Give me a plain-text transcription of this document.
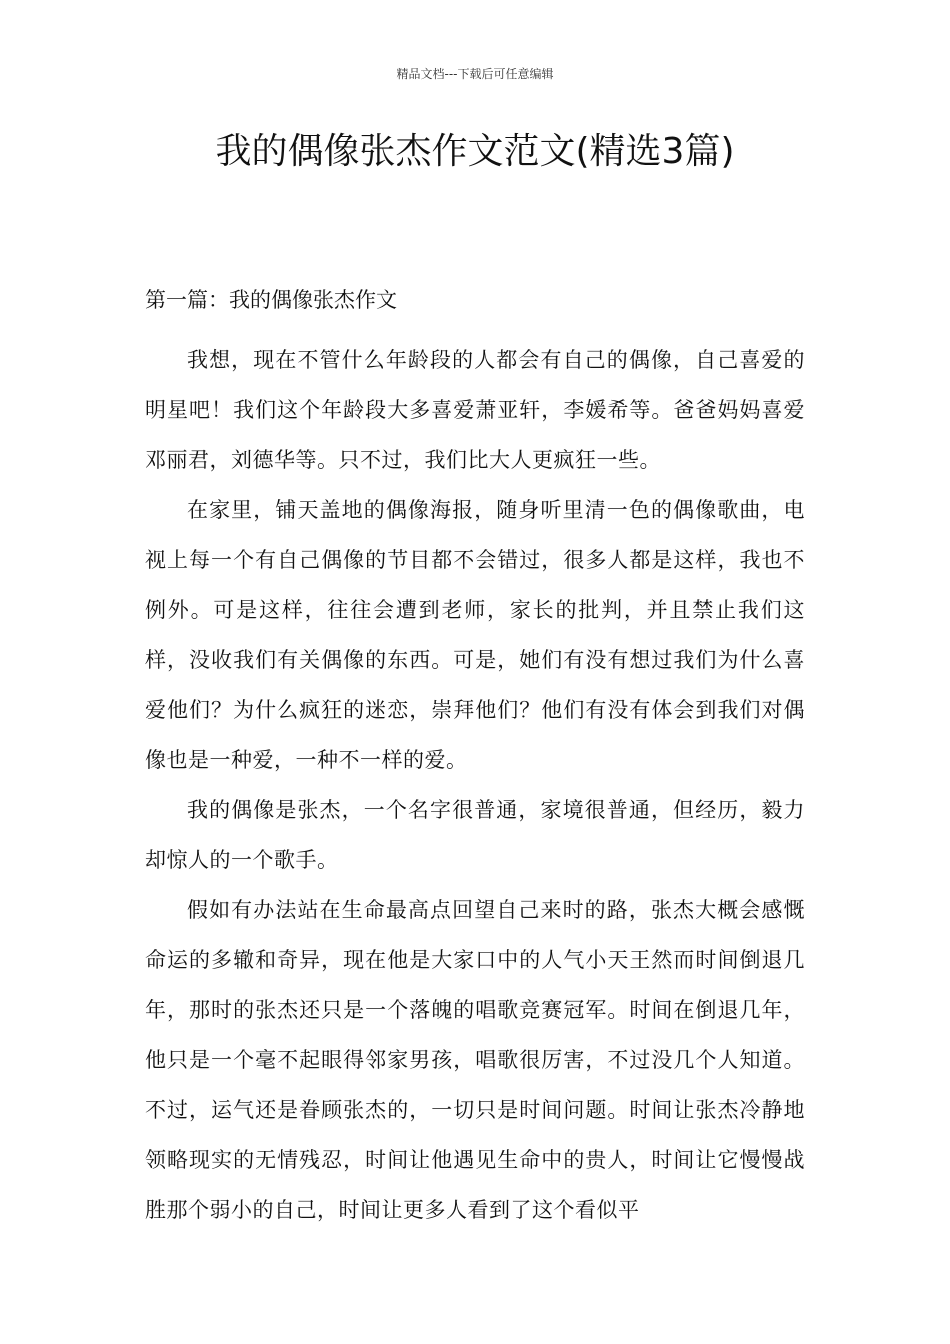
精品文档---下载后可任意编辑
我的偶像张杰作文范文(精选3篇)

第一篇：我的偶像张杰作文

我想，现在不管什么年龄段的人都会有自己的偶像，自己喜爱的明星吧！我们这个年龄段大多喜爱萧亚轩，李媛希等。爸爸妈妈喜爱邓丽君，刘德华等。只不过，我们比大人更疯狂一些。

在家里，铺天盖地的偶像海报，随身听里清一色的偶像歌曲，电视上每一个有自己偶像的节目都不会错过，很多人都是这样，我也不例外。可是这样，往往会遭到老师，家长的批判，并且禁止我们这样，没收我们有关偶像的东西。可是，她们有没有想过我们为什么喜爱他们？为什么疯狂的迷恋，崇拜他们？他们有没有体会到我们对偶像也是一种爱，一种不一样的爱。

我的偶像是张杰，一个名字很普通，家境很普通，但经历，毅力却惊人的一个歌手。

假如有办法站在生命最高点回望自己来时的路，张杰大概会感慨命运的多辙和奇异，现在他是大家口中的人气小天王然而时间倒退几年，那时的张杰还只是一个落魄的唱歌竞赛冠军。时间在倒退几年，他只是一个毫不起眼得邻家男孩，唱歌很厉害，不过没几个人知道。不过，运气还是眷顾张杰的，一切只是时间问题。时间让张杰冷静地领略现实的无情残忍，时间让他遇见生命中的贵人，时间让它慢慢战胜那个弱小的自己，时间让更多人看到了这个看似平
